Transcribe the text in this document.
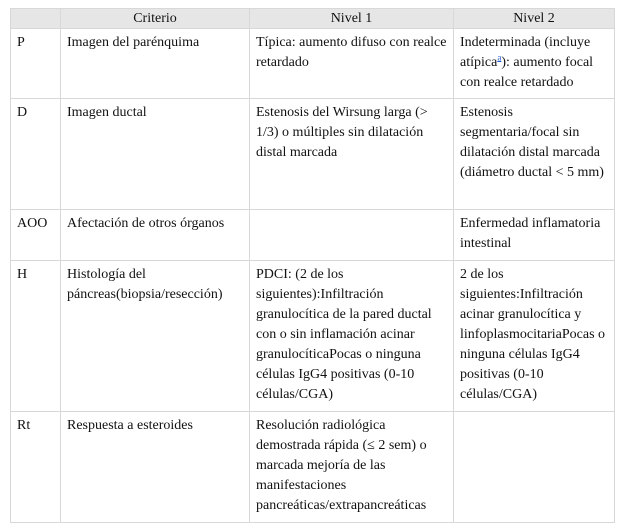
	Criterio	Nivel 1	Nivel 2
P	Imagen del parénquima	Típica: aumento difuso con realce retardado	Indeterminada (incluye atípica$^a$): aumento focal con realce retardado
D	Imagen ductal	Estenosis del Wirsung larga (> 1/3) o múltiples sin dilatación distal marcada	Estenosis segmentaria/focal sin dilatación distal marcada (diámetro ductal < 5 mm)
AOO	Afectación de otros órganos		Enfermedad inflamatoria intestinal
H	Histología del páncreas(biopsia/resección)	PDCI: (2 de los siguientes):Infiltración granulocítica de la pared ductal con o sin inflamación acinar granulocíticaPocas o ninguna células IgG4 positivas (0-10 células/CGA)	2 de los siguientes:Infiltración acinar granulocítica y linfoplasmocitariaPocas o ninguna células IgG4 positivas (0-10 células/CGA)
Rt	Respuesta a esteroides	Resolución radiológica demostrada rápida (≤ 2 sem) o marcada mejoría de las manifestaciones pancreáticas/extrapancreáticas	
